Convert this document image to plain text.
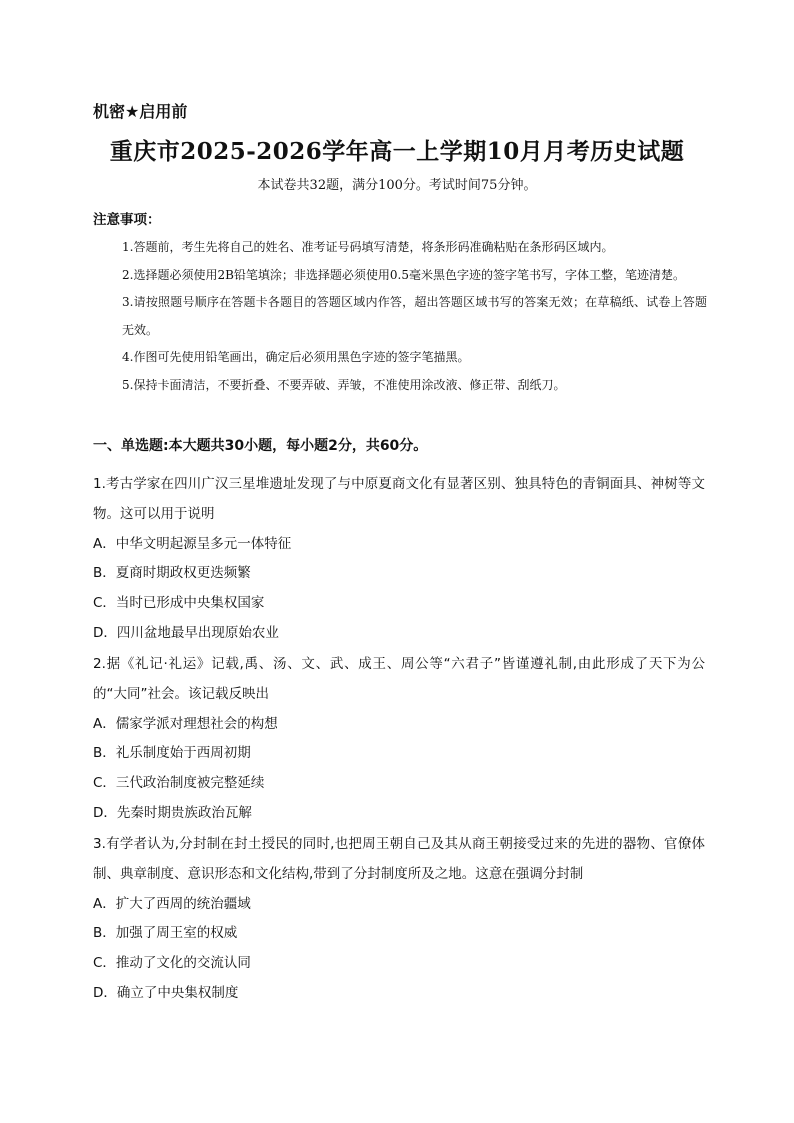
机密★启用前
重庆市2025-2026学年高一上学期10月月考历史试题
本试卷共32题，满分100分。考试时间75分钟。
注意事项：

1.答题前，考生先将自己的姓名、准考证号码填写清楚，将条形码准确粘贴在条形码区域内。

2.选择题必须使用2B铅笔填涂；非选择题必须使用0.5毫米黑色字迹的签字笔书写，字体工整，笔迹清楚。

3.请按照题号顺序在答题卡各题目的答题区域内作答，超出答题区域书写的答案无效；在草稿纸、试卷上答题无效。

4.作图可先使用铅笔画出，确定后必须用黑色字迹的签字笔描黑。

5.保持卡面清洁，不要折叠、不要弄破、弄皱，不准使用涂改液、修正带、刮纸刀。

一、单选题:本大题共30小题，每小题2分，共60分。

1.考古学家在四川广汉三星堆遗址发现了与中原夏商文化有显著区别、独具特色的青铜面具、神树等文物。这可以用于说明

A．中华文明起源呈多元一体特征

B．夏商时期政权更迭频繁

C．当时已形成中央集权国家

D．四川盆地最早出现原始农业

2.据《礼记·礼运》记载,禹、汤、文、武、成王、周公等“六君子”皆谨遵礼制,由此形成了天下为公的“大同”社会。该记载反映出

A．儒家学派对理想社会的构想

B．礼乐制度始于西周初期

C．三代政治制度被完整延续

D．先秦时期贵族政治瓦解

3.有学者认为,分封制在封土授民的同时,也把周王朝自己及其从商王朝接受过来的先进的器物、官僚体制、典章制度、意识形态和文化结构,带到了分封制度所及之地。这意在强调分封制

A．扩大了西周的统治疆域

B．加强了周王室的权威

C．推动了文化的交流认同

D．确立了中央集权制度
